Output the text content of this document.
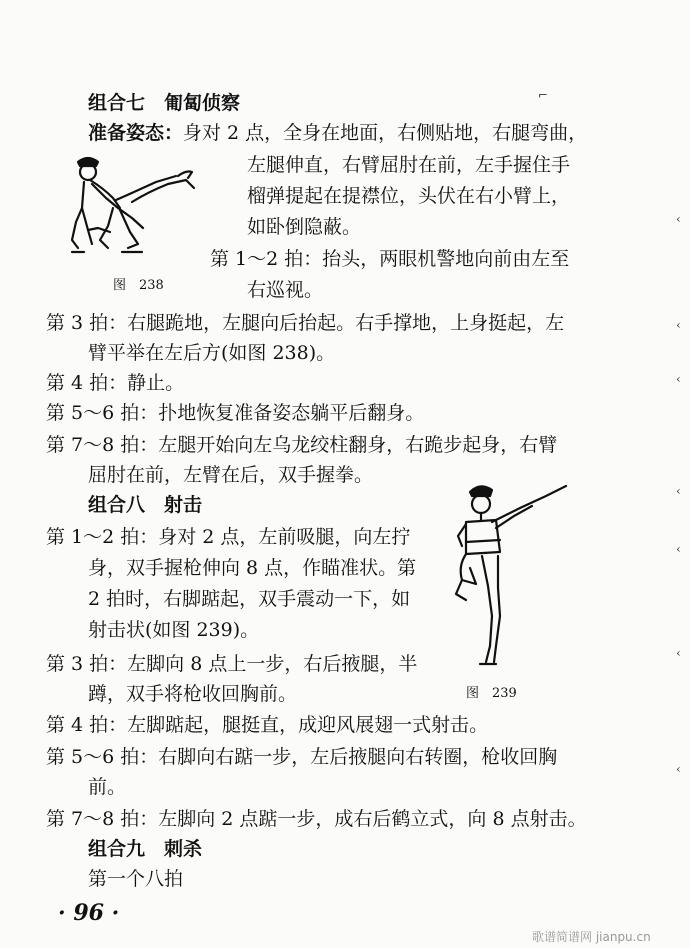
组合七　匍匐侦察	⌐
准备姿态：身对 2 点，全身在地面，右侧贴地，右腿弯曲，
左腿伸直，右臂屈肘在前，左手握住手
榴弹提起在提襟位，头伏在右小臂上，
如卧倒隐蔽。
图　238
第 1～2 拍：抬头，两眼机警地向前由左至
右巡视。
第 3 拍：右腿跪地，左腿向后抬起。右手撑地，上身挺起，左
臂平举在左后方(如图 238)。
第 4 拍：静止。
第 5～6 拍：扑地恢复准备姿态躺平后翻身。
第 7～8 拍：左腿开始向左乌龙绞柱翻身，右跪步起身，右臂
屈肘在前，左臂在后，双手握拳。
组合八　射击
第 1～2 拍：身对 2 点，左前吸腿，向左拧
身，双手握枪伸向 8 点，作瞄准状。第
2 拍时，右脚踮起，双手震动一下，如
射击状(如图 239)。
第 3 拍：左脚向 8 点上一步，右后掖腿，半
蹲，双手将枪收回胸前。	图　239
第 4 拍：左脚踮起，腿挺直，成迎风展翅一式射击。
第 5～6 拍：右脚向右踮一步，左后掖腿向右转圈，枪收回胸
前。
第 7～8 拍：左脚向 2 点踮一步，成右后鹤立式，向 8 点射击。
组合九　刺杀
第一个八拍
‹
‹
‹
‹
‹
‹
‹
· 96 ·
歌谱简谱网 jianpu.cn
